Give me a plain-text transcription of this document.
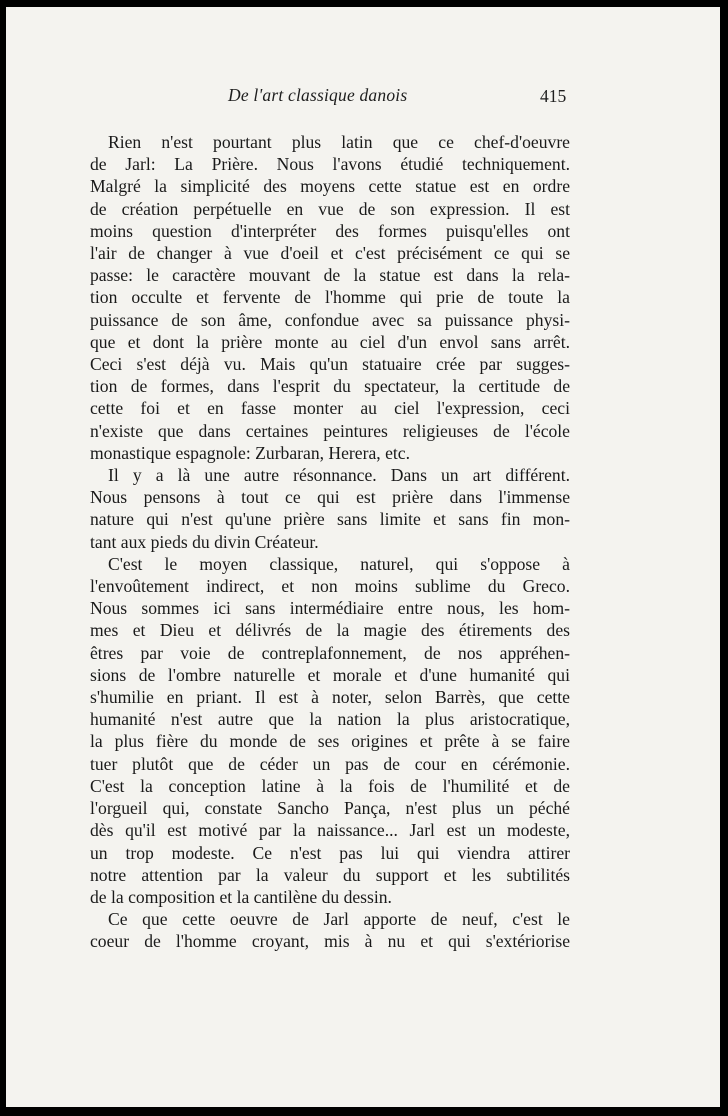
De l'art classique danois	415
Rien n'est pourtant plus latin que ce chef-d'oeuvre
de Jarl: La Prière. Nous l'avons étudié techniquement.
Malgré la simplicité des moyens cette statue est en ordre
de création perpétuelle en vue de son expression. Il est
moins question d'interpréter des formes puisqu'elles ont
l'air de changer à vue d'oeil et c'est précisément ce qui se
passe: le caractère mouvant de la statue est dans la rela-
tion occulte et fervente de l'homme qui prie de toute la
puissance de son âme, confondue avec sa puissance physi-
que et dont la prière monte au ciel d'un envol sans arrêt.
Ceci s'est déjà vu. Mais qu'un statuaire crée par sugges-
tion de formes, dans l'esprit du spectateur, la certitude de
cette foi et en fasse monter au ciel l'expression, ceci
n'existe que dans certaines peintures religieuses de l'école
monastique espagnole: Zurbaran, Herera, etc.
Il y a là une autre résonnance. Dans un art différent.
Nous pensons à tout ce qui est prière dans l'immense
nature qui n'est qu'une prière sans limite et sans fin mon-
tant aux pieds du divin Créateur.
C'est le moyen classique, naturel, qui s'oppose à
l'envoûtement indirect, et non moins sublime du Greco.
Nous sommes ici sans intermédiaire entre nous, les hom-
mes et Dieu et délivrés de la magie des étirements des
êtres par voie de contreplafonnement, de nos appréhen-
sions de l'ombre naturelle et morale et d'une humanité qui
s'humilie en priant. Il est à noter, selon Barrès, que cette
humanité n'est autre que la nation la plus aristocratique,
la plus fière du monde de ses origines et prête à se faire
tuer plutôt que de céder un pas de cour en cérémonie.
C'est la conception latine à la fois de l'humilité et de
l'orgueil qui, constate Sancho Pança, n'est plus un péché
dès qu'il est motivé par la naissance... Jarl est un modeste,
un trop modeste. Ce n'est pas lui qui viendra attirer
notre attention par la valeur du support et les subtilités
de la composition et la cantilène du dessin.
Ce que cette oeuvre de Jarl apporte de neuf, c'est le
coeur de l'homme croyant, mis à nu et qui s'extériorise
